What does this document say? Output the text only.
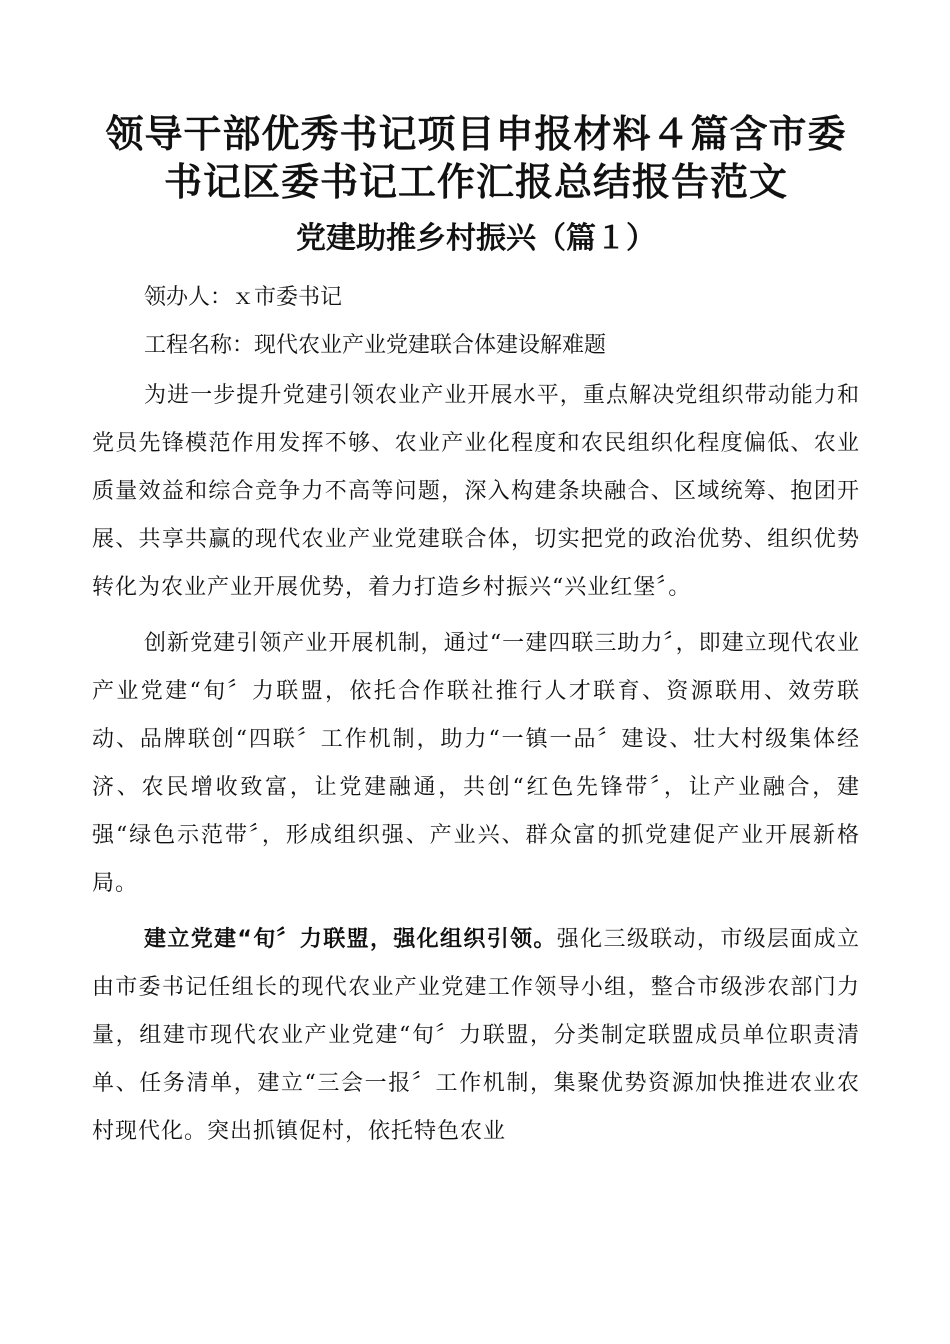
领导干部优秀书记项目申报材料４篇含市委书记区委书记工作汇报总结报告范文
党建助推乡村振兴（篇１）

领办人：ｘ市委书记

工程名称：现代农业产业党建联合体建设解难题

为进一步提升党建引领农业产业开展水平，重点解决党组织带动能力和党员先锋模范作用发挥不够、农业产业化程度和农民组织化程度偏低、农业质量效益和综合竞争力不高等问题，深入构建条块融合、区域统筹、抱团开展、共享共赢的现代农业产业党建联合体，切实把党的政治优势、组织优势转化为农业产业开展优势，着力打造乡村振兴“兴业红堡〞。

创新党建引领产业开展机制，通过“一建四联三助力〞，即建立现代农业产业党建“旬〞力联盟，依托合作联社推行人才联育、资源联用、效劳联动、品牌联创“四联〞工作机制，助力“一镇一品〞建设、壮大村级集体经济、农民增收致富，让党建融通，共创“红色先锋带〞，让产业融合，建强“绿色示范带〞，形成组织强、产业兴、群众富的抓党建促产业开展新格局。

建立党建“旬〞力联盟，强化组织引领。强化三级联动，市级层面成立由市委书记任组长的现代农业产业党建工作领导小组，整合市级涉农部门力量，组建市现代农业产业党建“旬〞力联盟，分类制定联盟成员单位职责清单、任务清单，建立“三会一报〞工作机制，集聚优势资源加快推进农业农村现代化。突出抓镇促村，依托特色农业
